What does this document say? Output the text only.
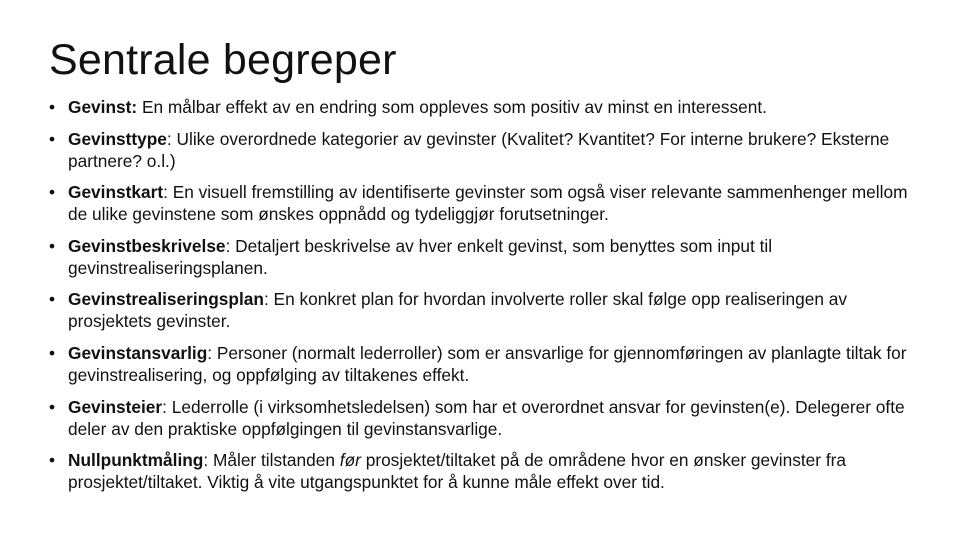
Sentrale begreper
• Gevinst: En målbar effekt av en endring som oppleves som positiv av minst en interessent.
• Gevinsttype: Ulike overordnede kategorier av gevinster (Kvalitet? Kvantitet? For interne brukere? Eksterne partnere? o.l.)
• Gevinstkart: En visuell fremstilling av identifiserte gevinster som også viser relevante sammenhenger mellom de ulike gevinstene som ønskes oppnådd og tydeliggjør forutsetninger.
• Gevinstbeskrivelse: Detaljert beskrivelse av hver enkelt gevinst, som benyttes som input til gevinstrealiseringsplanen.
• Gevinstrealiseringsplan: En konkret plan for hvordan involverte roller skal følge opp realiseringen av prosjektets gevinster.
• Gevinstansvarlig: Personer (normalt lederroller) som er ansvarlige for gjennomføringen av planlagte tiltak for gevinstrealisering, og oppfølging av tiltakenes effekt.
• Gevinsteier: Lederrolle (i virksomhetsledelsen) som har et overordnet ansvar for gevinsten(e). Delegerer ofte deler av den praktiske oppfølgingen til gevinstansvarlige.
• Nullpunktmåling: Måler tilstanden før prosjektet/tiltaket på de områdene hvor en ønsker gevinster fra prosjektet/tiltaket. Viktig å vite utgangspunktet for å kunne måle effekt over tid.
